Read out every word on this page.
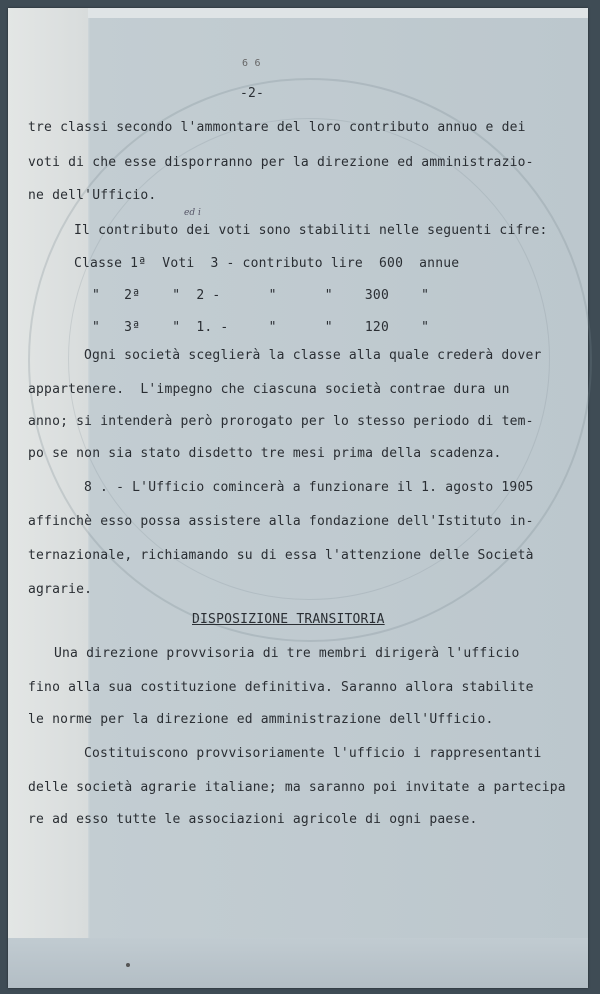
6 6
-2-
tre classi secondo l'ammontare del loro contributo annuo e dei
voti di che esse disporranno per la direzione ed amministrazio-
ne dell'Ufficio.
ed i
Il contributo dei voti sono stabiliti nelle seguenti cifre:
Classe 1ª  Voti  3 - contributo lire  600  annue
"   2ª    "  2 -      "      "    300    "
"   3ª    "  1. -     "      "    120    "
Ogni società sceglierà la classe alla quale crederà dover
appartenere.  L'impegno che ciascuna società contrae dura un
anno; si intenderà però prorogato per lo stesso periodo di tem-
po se non sia stato disdetto tre mesi prima della scadenza.
8 . - L'Ufficio comincerà a funzionare il 1. agosto 1905
affinchè esso possa assistere alla fondazione dell'Istituto in-
ternazionale, richiamando su di essa l'attenzione delle Società
agrarie.
DISPOSIZIONE TRANSITORIA
Una direzione provvisoria di tre membri dirigerà l'ufficio
fino alla sua costituzione definitiva. Saranno allora stabilite
le norme per la direzione ed amministrazione dell'Ufficio.
Costituiscono provvisoriamente l'ufficio i rappresentanti
delle società agrarie italiane; ma saranno poi invitate a partecipa
re ad esso tutte le associazioni agricole di ogni paese.
